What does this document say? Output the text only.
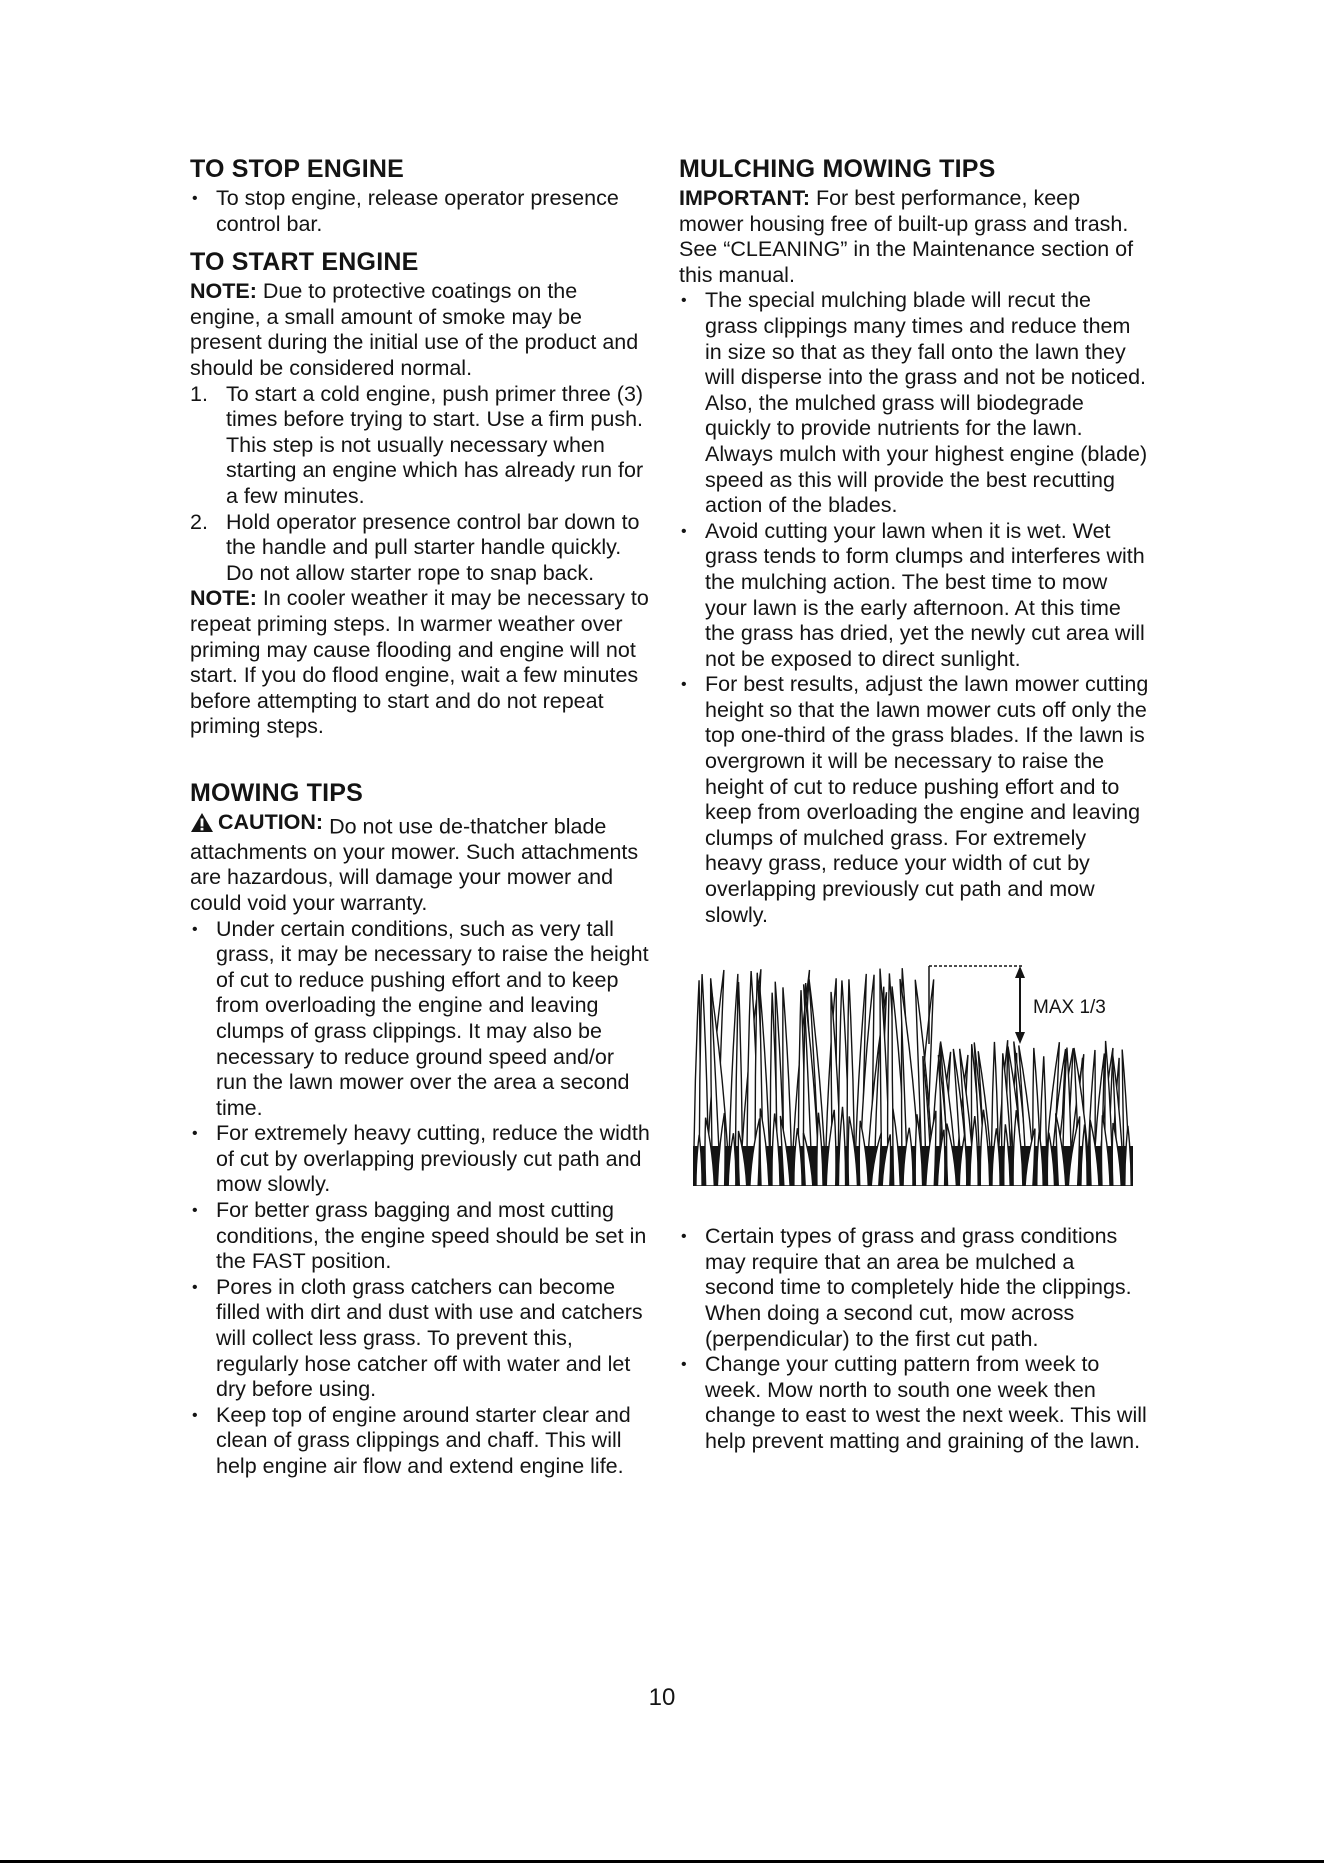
TO STOP ENGINE
• To stop engine, release operator presence control bar.
TO START ENGINE

NOTE: Due to protective coatings on the engine, a small amount of smoke may be present during the initial use of the product and should be considered normal.

1. To start a cold engine, push primer three (3) times before trying to start. Use a firm push. This step is not usually necessary when starting an engine which has already run for a few minutes.
2. Hold operator presence control bar down to the handle and pull starter handle quickly. Do not allow starter rope to snap back.

NOTE: In cooler weather it may be necessary to repeat priming steps. In warmer weather over priming may cause flooding and engine will not start. If you do flood engine, wait a few minutes before attempting to start and do not repeat priming steps.

MOWING TIPS

CAUTION: Do not use de-thatcher blade attachments on your mower. Such attachments are hazardous, will damage your mower and could void your warranty.

• Under certain conditions, such as very tall grass, it may be necessary to raise the height of cut to reduce pushing effort and to keep from overloading the engine and leaving clumps of grass clippings. It may also be necessary to reduce ground speed and/or run the lawn mower over the area a second time.
• For extremely heavy cutting, reduce the width of cut by overlapping previously cut path and mow slowly.
• For better grass bagging and most cutting conditions, the engine speed should be set in the FAST position.
• Pores in cloth grass catchers can become filled with dirt and dust with use and catchers will collect less grass. To prevent this, regularly hose catcher off with water and let dry before using.
• Keep top of engine around starter clear and clean of grass clippings and chaff. This will help engine air flow and extend engine life.
MULCHING MOWING TIPS

IMPORTANT: For best performance, keep mower housing free of built-up grass and trash. See “CLEANING” in the Maintenance section of this manual.

• The special mulching blade will recut the grass clippings many times and reduce them in size so that as they fall onto the lawn they will disperse into the grass and not be noticed. Also, the mulched grass will biodegrade quickly to provide nutrients for the lawn. Always mulch with your highest engine (blade) speed as this will provide the best recutting action of the blades.
• Avoid cutting your lawn when it is wet. Wet grass tends to form clumps and interferes with the mulching action. The best time to mow your lawn is the early afternoon. At this time the grass has dried, yet the newly cut area will not be exposed to direct sunlight.
• For best results, adjust the lawn mower cutting height so that the lawn mower cuts off only the top one-third of the grass blades. If the lawn is overgrown it will be necessary to raise the height of cut to reduce pushing effort and to keep from overloading the engine and leaving clumps of mulched grass. For extremely heavy grass, reduce your width of cut by overlapping previously cut path and mow slowly.
MAX 1/3
• Certain types of grass and grass conditions may require that an area be mulched a second time to completely hide the clippings. When doing a second cut, mow across (perpendicular) to the first cut path.
• Change your cutting pattern from week to week. Mow north to south one week then change to east to west the next week. This will help prevent matting and graining of the lawn.
10
